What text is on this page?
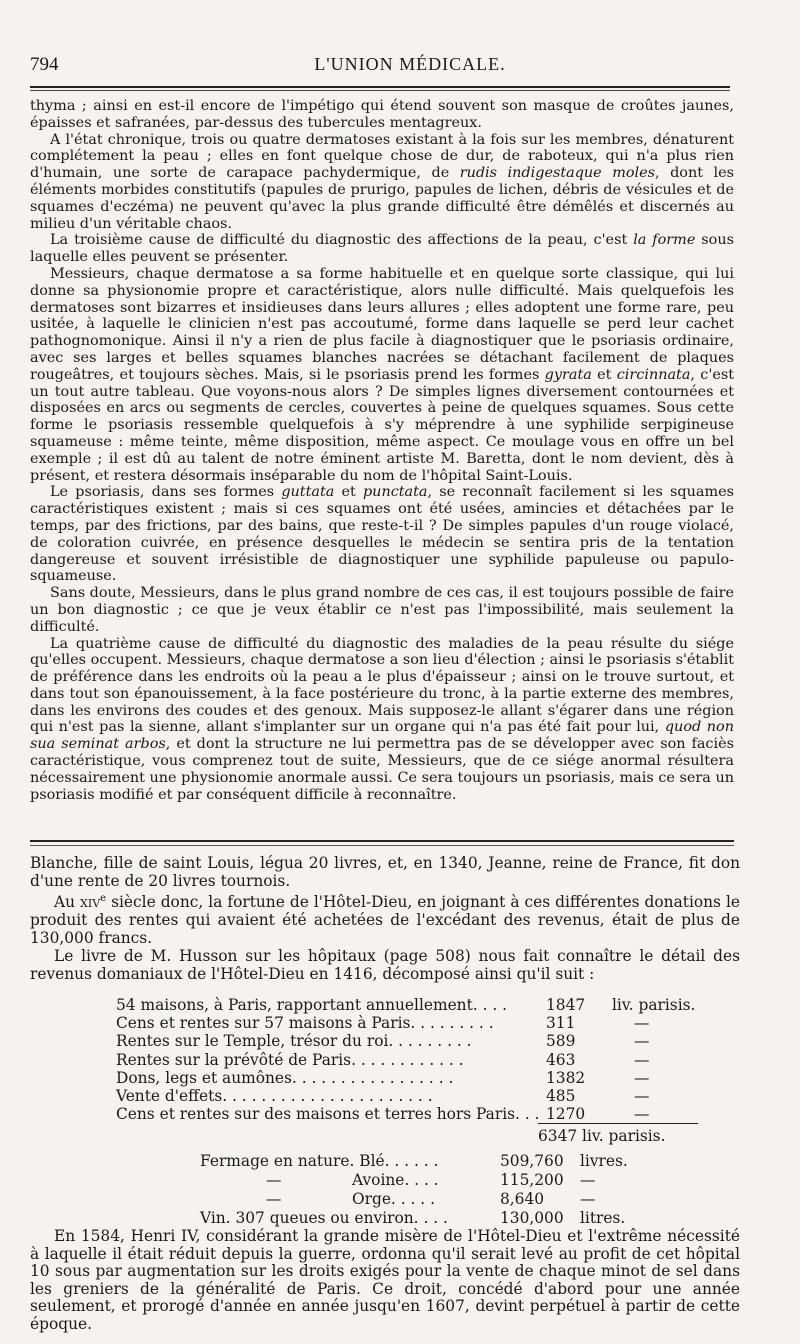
794	L'UNION MÉDICALE.

thyma ; ainsi en est-il encore de l'impétigo qui étend souvent son masque de croûtes jaunes, épaisses et safranées, par-dessus des tubercules mentagreux.

A l'état chronique, trois ou quatre dermatoses existant à la fois sur les membres, dénaturent complétement la peau ; elles en font quelque chose de dur, de raboteux, qui n'a plus rien d'humain, une sorte de carapace pachydermique, de rudis indigestaque moles, dont les éléments morbides constitutifs (papules de prurigo, papules de lichen, débris de vésicules et de squames d'eczéma) ne peuvent qu'avec la plus grande difficulté être démêlés et discernés au milieu d'un véritable chaos.

La troisième cause de difficulté du diagnostic des affections de la peau, c'est la forme sous laquelle elles peuvent se présenter.

Messieurs, chaque dermatose a sa forme habituelle et en quelque sorte classique, qui lui donne sa physionomie propre et caractéristique, alors nulle difficulté. Mais quelquefois les dermatoses sont bizarres et insidieuses dans leurs allures ; elles adoptent une forme rare, peu usitée, à laquelle le clinicien n'est pas accoutumé, forme dans laquelle se perd leur cachet pathognomonique. Ainsi il n'y a rien de plus facile à diagnostiquer que le psoriasis ordinaire, avec ses larges et belles squames blanches nacrées se détachant facilement de plaques rougeâtres, et toujours sèches. Mais, si le psoriasis prend les formes gyrata et circinnata, c'est un tout autre tableau. Que voyons-nous alors ? De simples lignes diversement contournées et disposées en arcs ou segments de cercles, couvertes à peine de quelques squames. Sous cette forme le psoriasis ressemble quelquefois à s'y méprendre à une syphilide serpigineuse squameuse : même teinte, même disposition, même aspect. Ce moulage vous en offre un bel exemple ; il est dû au talent de notre éminent artiste M. Baretta, dont le nom devient, dès à présent, et restera désormais inséparable du nom de l'hôpital Saint-Louis.

Le psoriasis, dans ses formes guttata et punctata, se reconnaît facilement si les squames caractéristiques existent ; mais si ces squames ont été usées, amincies et détachées par le temps, par des frictions, par des bains, que reste-t-il ? De simples papules d'un rouge violacé, de coloration cuivrée, en présence desquelles le médecin se sentira pris de la tentation dangereuse et souvent irrésistible de diagnostiquer une syphilide papuleuse ou papulo-squameuse.

Sans doute, Messieurs, dans le plus grand nombre de ces cas, il est toujours possible de faire un bon diagnostic ; ce que je veux établir ce n'est pas l'impossibilité, mais seulement la difficulté.

La quatrième cause de difficulté du diagnostic des maladies de la peau résulte du siége qu'elles occupent. Messieurs, chaque dermatose a son lieu d'élection ; ainsi le psoriasis s'établit de préférence dans les endroits où la peau a le plus d'épaisseur ; ainsi on le trouve surtout, et dans tout son épanouissement, à la face postérieure du tronc, à la partie externe des membres, dans les environs des coudes et des genoux. Mais supposez-le allant s'égarer dans une région qui n'est pas la sienne, allant s'implanter sur un organe qui n'a pas été fait pour lui, quod non sua seminat arbos, et dont la structure ne lui permettra pas de se développer avec son faciès caractéristique, vous comprenez tout de suite, Messieurs, que de ce siége anormal résultera nécessairement une physionomie anormale aussi. Ce sera toujours un psoriasis, mais ce sera un psoriasis modifié et par conséquent difficile à reconnaître.

Blanche, fille de saint Louis, légua 20 livres, et, en 1340, Jeanne, reine de France, fit don d'une rente de 20 livres tournois.

Au xiv$^e$ siècle donc, la fortune de l'Hôtel-Dieu, en joignant à ces différentes donations le produit des rentes qui avaient été achetées de l'excédant des revenus, était de plus de 130,000 francs.

Le livre de M. Husson sur les hôpitaux (page 508) nous fait connaître le détail des revenus domaniaux de l'Hôtel-Dieu en 1416, décomposé ainsi qu'il suit :

54 maisons, à Paris, rapportant annuellement. . . .	1847 liv. parisis.
Cens et rentes sur 57 maisons à Paris. . . . . . . . .	311	—
Rentes sur le Temple, trésor du roi. . . . . . . . .	589	—
Rentes sur la prévôté de Paris. . . . . . . . . . . .	463	—
Dons, legs et aumônes. . . . . . . . . . . . . . . . .	1382	—
Vente d'effets. . . . . . . . . . . . . . . . . . . . . .	485	—
Cens et rentes sur des maisons et terres hors Paris. . . 1270	—
6347 liv. parisis.
Fermage en nature. Blé. . . . . .	509,760 livres.
—	Avoine. . . .	115,200 —
—	Orge. . . . .	8,640 —
Vin. 307 queues ou environ. . . .	130,000 litres.

En 1584, Henri IV, considérant la grande misère de l'Hôtel-Dieu et l'extrême nécessité à laquelle il était réduit depuis la guerre, ordonna qu'il serait levé au profit de cet hôpital 10 sous par augmentation sur les droits exigés pour la vente de chaque minot de sel dans les greniers de la généralité de Paris. Ce droit, concédé d'abord pour une année seulement, et prorogé d'année en année jusqu'en 1607, devint perpétuel à partir de cette époque.
